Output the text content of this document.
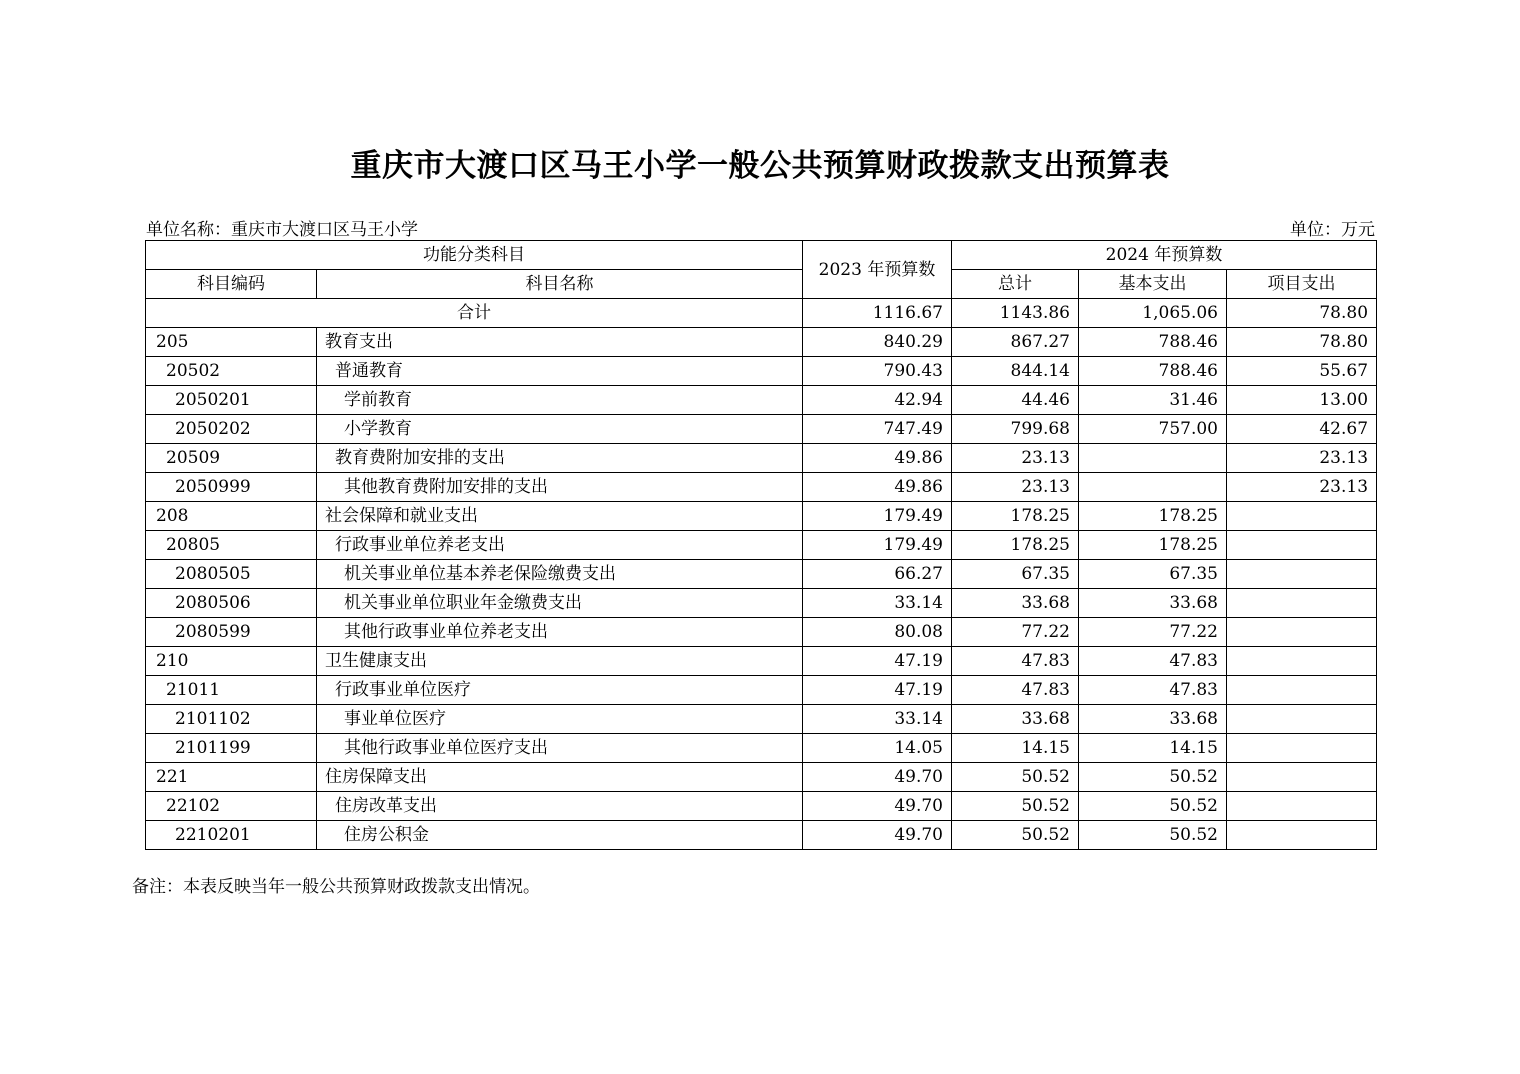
重庆市大渡口区马王小学一般公共预算财政拨款支出预算表
单位名称：重庆市大渡口区马王小学	单位：万元
功能分类科目		2023 年预算数	2024 年预算数		
科目编码	科目名称		总计	基本支出	项目支出
合计		1116.67	1143.86	1,065.06	78.80
205	教育支出	840.29	867.27	788.46	78.80
20502	普通教育	790.43	844.14	788.46	55.67
2050201	学前教育	42.94	44.46	31.46	13.00
2050202	小学教育	747.49	799.68	757.00	42.67
20509	教育费附加安排的支出	49.86	23.13		23.13
2050999	其他教育费附加安排的支出	49.86	23.13		23.13
208	社会保障和就业支出	179.49	178.25	178.25	
20805	行政事业单位养老支出	179.49	178.25	178.25	
2080505	机关事业单位基本养老保险缴费支出	66.27	67.35	67.35	
2080506	机关事业单位职业年金缴费支出	33.14	33.68	33.68	
2080599	其他行政事业单位养老支出	80.08	77.22	77.22	
210	卫生健康支出	47.19	47.83	47.83	
21011	行政事业单位医疗	47.19	47.83	47.83	
2101102	事业单位医疗	33.14	33.68	33.68	
2101199	其他行政事业单位医疗支出	14.05	14.15	14.15	
221	住房保障支出	49.70	50.52	50.52	
22102	住房改革支出	49.70	50.52	50.52	
2210201	住房公积金	49.70	50.52	50.52	
备注：本表反映当年一般公共预算财政拨款支出情况。
